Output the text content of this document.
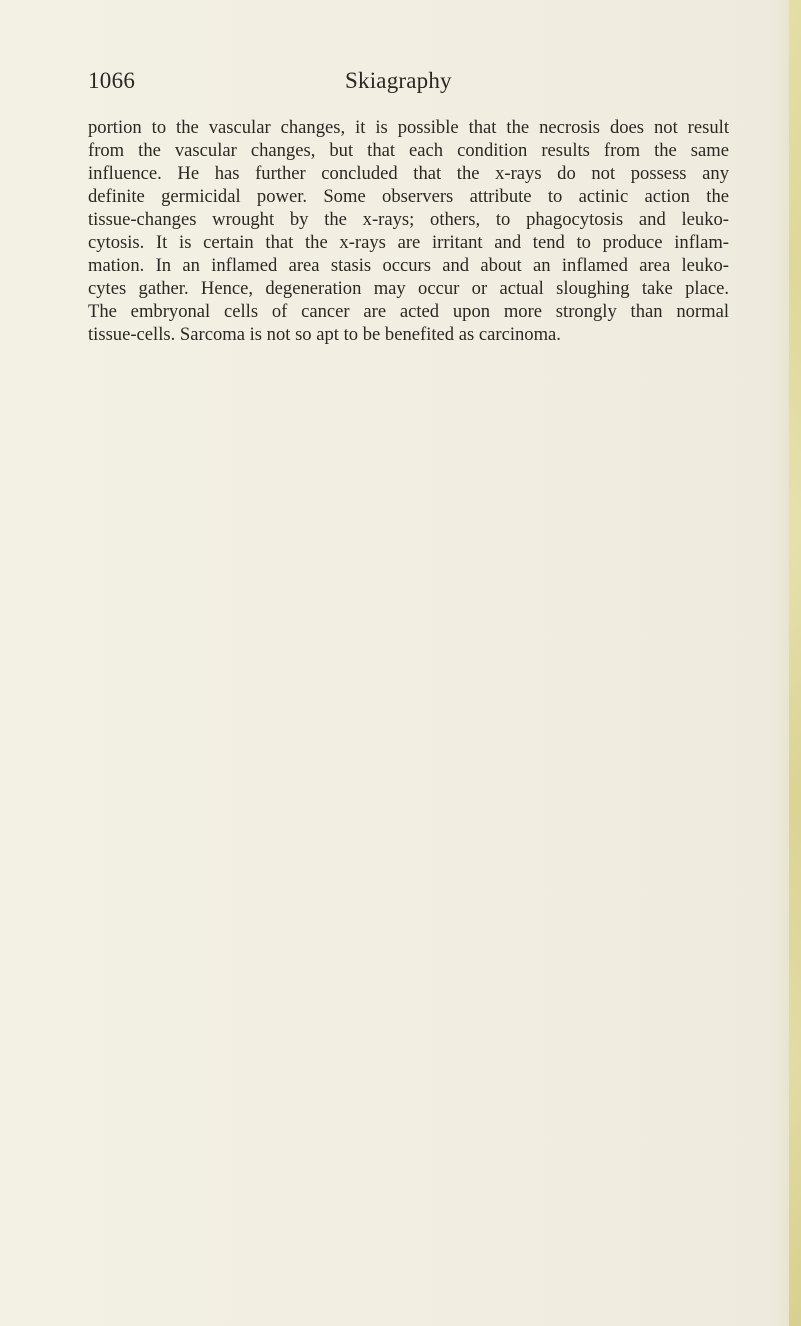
1066	Skiagraphy
portion to the vascular changes, it is possible that the necrosis does not result
from the vascular changes, but that each condition results from the same
influence. He has further concluded that the x-rays do not possess any
definite germicidal power. Some observers attribute to actinic action the
tissue-changes wrought by the x-rays; others, to phagocytosis and leuko-
cytosis. It is certain that the x-rays are irritant and tend to produce inflam-
mation. In an inflamed area stasis occurs and about an inflamed area leuko-
cytes gather. Hence, degeneration may occur or actual sloughing take place.
The embryonal cells of cancer are acted upon more strongly than normal
tissue-cells. Sarcoma is not so apt to be benefited as carcinoma.
